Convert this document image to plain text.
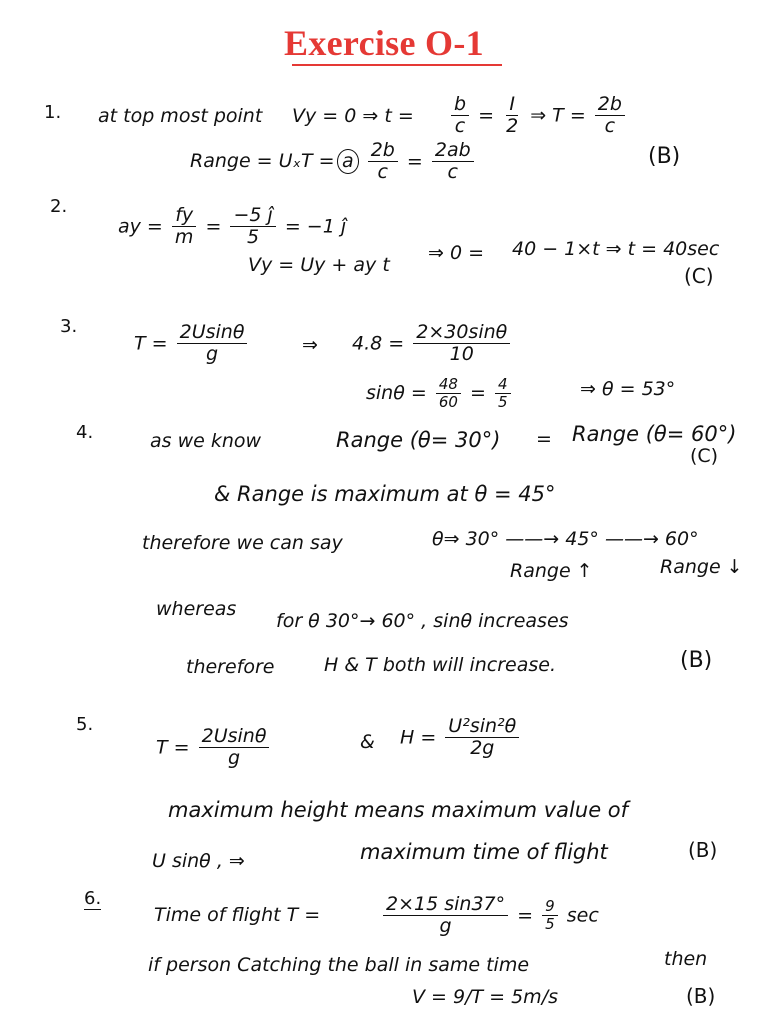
Exercise O-1
1. at top most point Vy = 0 ⇒ $t = \frac{b}{c} = \frac{I}{2}$ ⇒ $T = \frac{2b}{c}$
Range = UₓT = a $\frac{2b}{c} = \frac{2ab}{c}$	(B)
2.
ay = $\frac{fy}{m} = \frac{-5 ĵ}{5} = -1$ ĵ
Vy = Uy + ay t
⇒ 0 = 40 − 1×t ⇒ t = 40sec
(C)
3.
$T = \frac{2Usin\theta}{g}$	⇒ $4.8 = \frac{2\times 30\sin\theta}{10}$
$\sin\theta = \frac{48}{60} = \frac{4}{5}$	⇒ θ = 53°
4.	as we know	Range (θ= 30°) = Range (θ= 60°)
(C)
& Range is maximum at θ = 45°
therefore we can say	θ⇒ 30° ——→ 45° ——→ 60°
Range ↑	Range ↓
whereas
for θ 30°→ 60° , sinθ increases
therefore	H & T both will increase.	(B)
5.
$T = \frac{2Usin\theta}{g}$	& $H = \frac{\text{U²sin²θ}}{2g}$
maximum height means maximum value of
U sinθ , ⇒	maximum time of flight	(B)
6.
Time of flight T =	$\frac{2\times 15 \sin 37^\circ}{g} = \frac{9}{5}$ sec
if person Catching the ball in same time	then
V = 9/T = 5m/s	(B)
